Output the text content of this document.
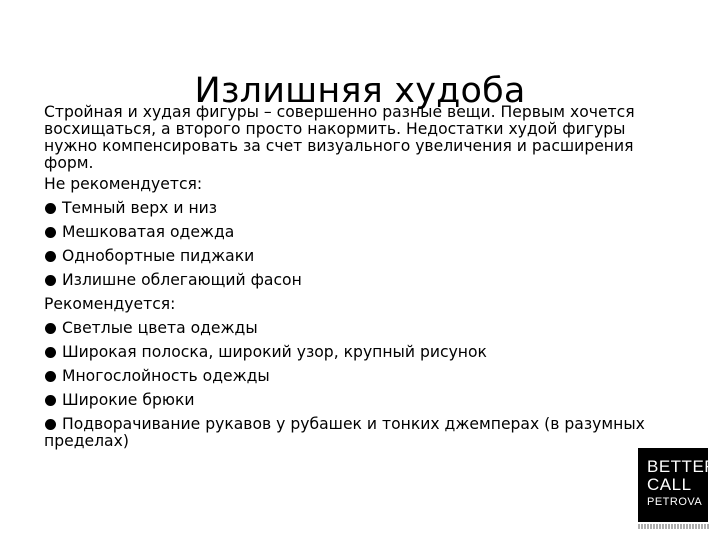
Излишняя худоба

Стройная и худая фигуры – совершенно разные вещи. Первым хочется восхищаться, а второго просто накормить. Недостатки худой фигуры нужно компенсировать за счет визуального увеличения и расширения форм.

Не рекомендуется:

Темный верх и низ
Мешковатая одежда
Однобортные пиджаки
Излишне облегающий фасон

Рекомендуется:

Светлые цвета одежды
Широкая полоска, широкий узор, крупный рисунок
Многослойность одежды
Широкие брюки
Подворачивание рукавов у рубашек и тонких джемперах (в разумных пределах)
BETTER
CALL
PETROVA
